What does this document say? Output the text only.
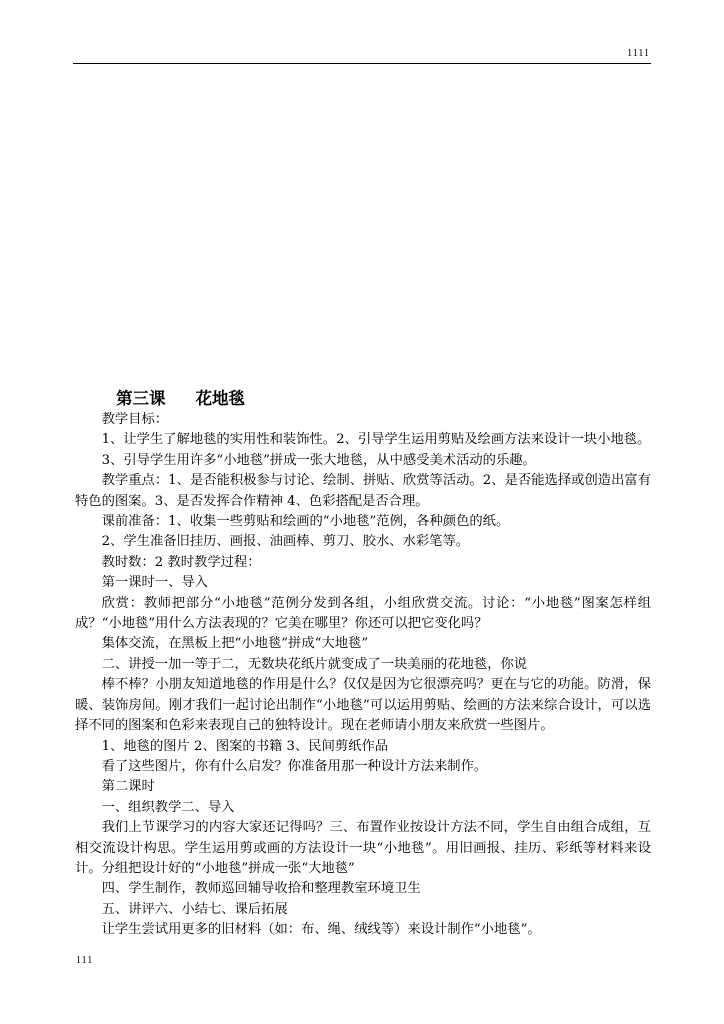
1111
第三课 花地毯

教学目标：

1、让学生了解地毯的实用性和装饰性。2、引导学生运用剪贴及绘画方法来设计一块小地毯。

3、引导学生用许多“小地毯”拼成一张大地毯，从中感受美术活动的乐趣。

教学重点：1、是否能积极参与讨论、绘制、拼贴、欣赏等活动。2、是否能选择或创造出富有特色的图案。3、是否发挥合作精神 4、色彩搭配是否合理。

课前准备：1、收集一些剪贴和绘画的“小地毯”范例，各种颜色的纸。

2、学生准备旧挂历、画报、油画棒、剪刀、胶水、水彩笔等。

教时数：2 教时教学过程：

第一课时一、导入

欣赏：教师把部分“小地毯”范例分发到各组，小组欣赏交流。讨论：“小地毯”图案怎样组成？“小地毯”用什么方法表现的？它美在哪里？你还可以把它变化吗？

集体交流，在黑板上把“小地毯”拼成“大地毯”

二、讲授一加一等于二，无数块花纸片就变成了一块美丽的花地毯，你说

棒不棒？小朋友知道地毯的作用是什么？仅仅是因为它很漂亮吗？更在与它的功能。防滑，保暖、装饰房间。刚才我们一起讨论出制作“小地毯”可以运用剪贴、绘画的方法来综合设计，可以选择不同的图案和色彩来表现自己的独特设计。现在老师请小朋友来欣赏一些图片。

1、地毯的图片 2、图案的书籍 3、民间剪纸作品

看了这些图片，你有什么启发？你准备用那一种设计方法来制作。

第二课时

一、组织教学二、导入

我们上节课学习的内容大家还记得吗？三、布置作业按设计方法不同，学生自由组合成组，互相交流设计构思。学生运用剪或画的方法设计一块“小地毯”。用旧画报、挂历、彩纸等材料来设计。分组把设计好的“小地毯”拼成一张“大地毯”

四、学生制作，教师巡回辅导收拾和整理教室环境卫生

五、讲评六、小结七、课后拓展

让学生尝试用更多的旧材料（如：布、绳、绒线等）来设计制作“小地毯”。

111
